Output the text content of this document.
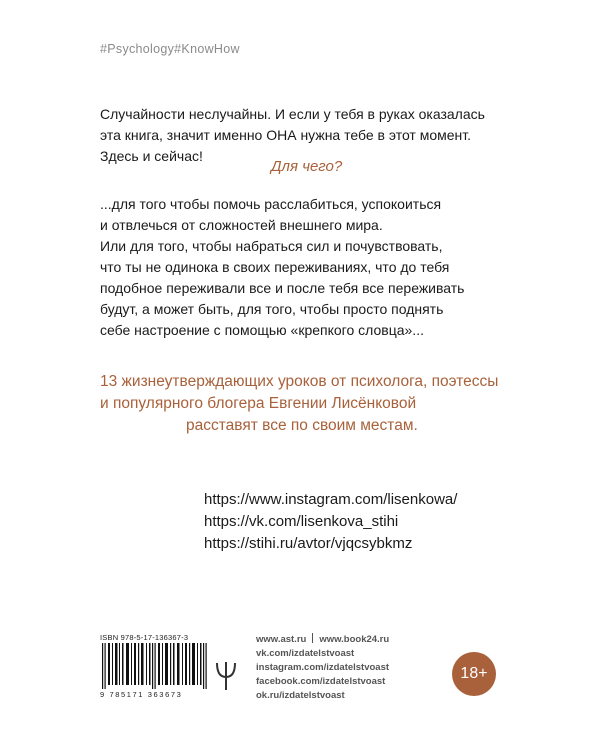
#Psychology#KnowHow
Случайности неслучайны. И если у тебя в руках оказалась
эта книга, значит именно ОНА нужна тебе в этот момент.
Здесь и сейчас!
Для чего?
...для того чтобы помочь расслабиться, успокоиться
и отвлечься от сложностей внешнего мира.
Или для того, чтобы набраться сил и почувствовать,
что ты не одинока в своих переживаниях, что до тебя
подобное переживали все и после тебя все переживать
будут, а может быть, для того, чтобы просто поднять
себе настроение с помощью «крепкого словца»...
13 жизнеутверждающих уроков от психолога, поэтессы
и популярного блогера Евгении Лисёнковой
расставят все по своим местам.
https://www.instagram.com/lisenkowa/
https://vk.com/lisenkova_stihi
https://stihi.ru/avtor/vjqcsybkmz
ISBN 978-5-17-136367-3
9 785171 363673
www.ast.ru www.book24.ru
vk.com/izdatelstvoast
instagram.com/izdatelstvoast
facebook.com/izdatelstvoast
ok.ru/izdatelstvoast
18+
